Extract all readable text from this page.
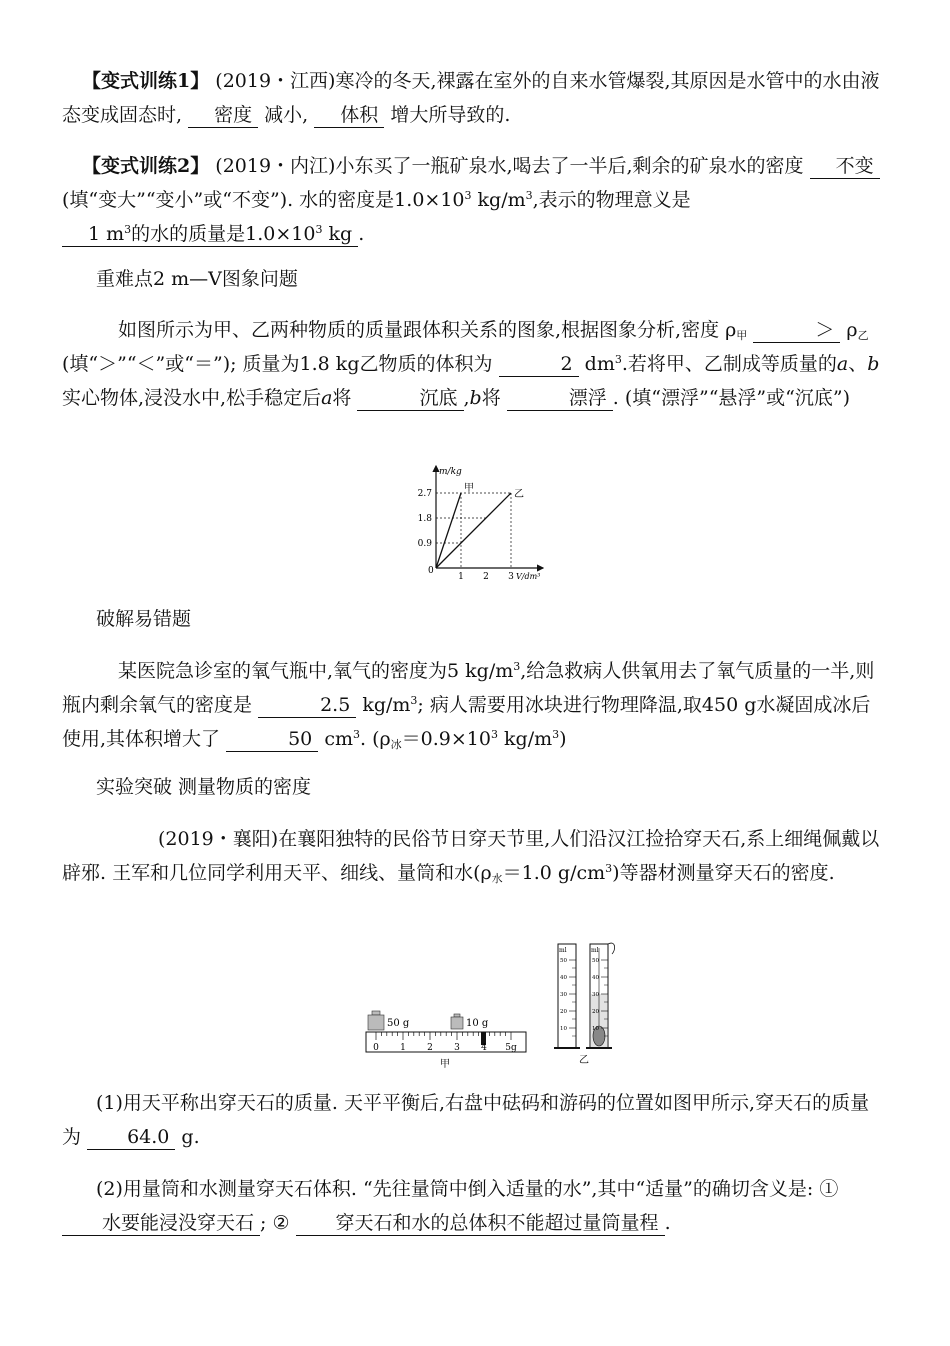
【变式训练1】 (2019・江西)寒冷的冬天,裸露在室外的自来水管爆裂,其原因是水管中的水由液态变成固态时, 密度 减小, 体积 增大所导致的.

【变式训练2】 (2019・内江)小东买了一瓶矿泉水,喝去了一半后,剩余的矿泉水的密度 不变(填“变大”“变小”或“不变”). 水的密度是$1.0\times 10^3$ $kg/m^3$,表示的物理意义是1 $m^3$的水的质量是$1.0\times 10^3$ kg .

重难点2 m—V图象问题

如图所示为甲、乙两种物质的质量跟体积关系的图象,根据图象分析,密度 $\rho_甲$	＞ $\rho_乙$(填“＞”“＜”或“＝”); 质量为1.8 kg乙物质的体积为	2 $dm^3$.若将甲、乙制成等质量的a、b实心物体,浸没水中,松手稳定后a将	沉底 ,b将	漂浮 . (填“漂浮”“悬浮”或“沉底”)

2.7
1.8
0.9
1 2 3
甲
乙
m/kg
V/dm³
0

破解易错题

某医院急诊室的氧气瓶中,氧气的密度为5 $kg/m^3$,给急救病人供氧用去了氧气质量的一半,则瓶内剩余氧气的密度是	2.5 $kg/m^3$; 病人需要用冰块进行物理降温,取450 g水凝固成冰后使用,其体积增大了	50 $cm^3$. ($\rho_冰=0.9\times 10^3$ $kg/m^3$)

实验突破 测量物质的密度

(2019・襄阳)在襄阳独特的民俗节日穿天节里,人们沿汉江捡拾穿天石,系上细绳佩戴以辟邪. 王军和几位同学利用天平、细线、量筒和水($\rho_水=1.0$ $g/cm^3$)等器材测量穿天石的密度.

50 g	10 g
0 1 2 3 4 5g
甲
ml	ml
50
40
30
20
10
50
40
30
20
10
乙

(1)用天平称出穿天石的质量. 天平平衡后,右盘中砝码和游码的位置如图甲所示,穿天石的质量为 64.0 g.

(2)用量筒和水测量穿天石体积. “先往量筒中倒入适量的水”,其中“适量”的确切含义是: ① 水要能浸没穿天石 ; ② 穿天石和水的总体积不能超过量筒量程 .
